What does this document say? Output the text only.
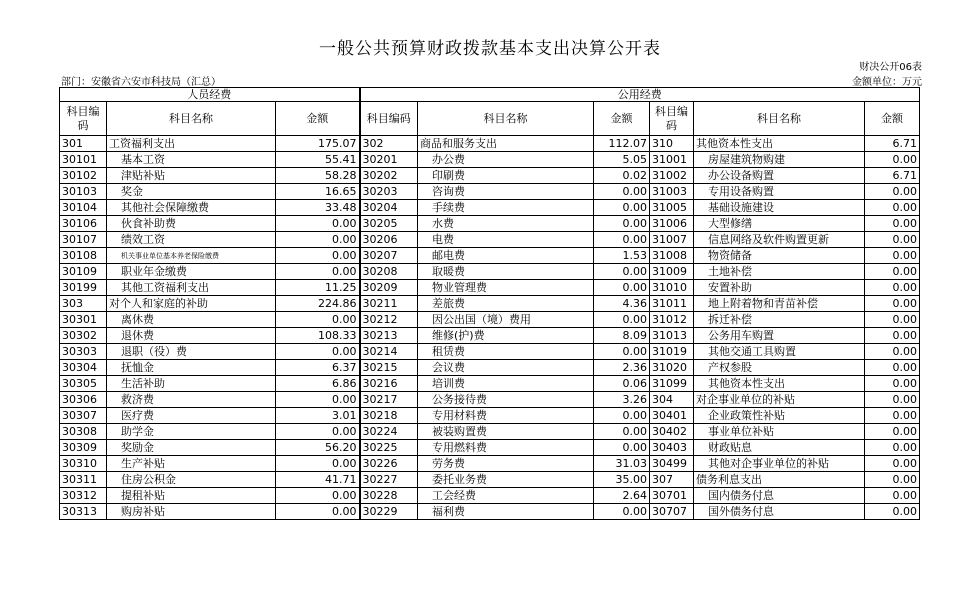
一般公共预算财政拨款基本支出决算公开表
财决公开06表
部门：安徽省六安市科技局（汇总）	金额单位：万元
人员经费			公用经费					
科目编码	科目名称	金额	科目编码	科目名称	金额	科目编码	科目名称	金额
301	工资福利支出	175.07	302	商品和服务支出	112.07	310	其他资本性支出	6.71
30101	基本工资	55.41	30201	办公费	5.05	31001	房屋建筑物购建	0.00
30102	津贴补贴	58.28	30202	印刷费	0.02	31002	办公设备购置	6.71
30103	奖金	16.65	30203	咨询费	0.00	31003	专用设备购置	0.00
30104	其他社会保障缴费	33.48	30204	手续费	0.00	31005	基础设施建设	0.00
30106	伙食补助费	0.00	30205	水费	0.00	31006	大型修缮	0.00
30107	绩效工资	0.00	30206	电费	0.00	31007	信息网络及软件购置更新	0.00
30108	机关事业单位基本养老保险缴费	0.00	30207	邮电费	1.53	31008	物资储备	0.00
30109	职业年金缴费	0.00	30208	取暖费	0.00	31009	土地补偿	0.00
30199	其他工资福利支出	11.25	30209	物业管理费	0.00	31010	安置补助	0.00
303	对个人和家庭的补助	224.86	30211	差旅费	4.36	31011	地上附着物和青苗补偿	0.00
30301	离休费	0.00	30212	因公出国（境）费用	0.00	31012	拆迁补偿	0.00
30302	退休费	108.33	30213	维修(护)费	8.09	31013	公务用车购置	0.00
30303	退职（役）费	0.00	30214	租赁费	0.00	31019	其他交通工具购置	0.00
30304	抚恤金	6.37	30215	会议费	2.36	31020	产权参股	0.00
30305	生活补助	6.86	30216	培训费	0.06	31099	其他资本性支出	0.00
30306	救济费	0.00	30217	公务接待费	3.26	304	对企事业单位的补贴	0.00
30307	医疗费	3.01	30218	专用材料费	0.00	30401	企业政策性补贴	0.00
30308	助学金	0.00	30224	被装购置费	0.00	30402	事业单位补贴	0.00
30309	奖励金	56.20	30225	专用燃料费	0.00	30403	财政贴息	0.00
30310	生产补贴	0.00	30226	劳务费	31.03	30499	其他对企事业单位的补贴	0.00
30311	住房公积金	41.71	30227	委托业务费	35.00	307	债务利息支出	0.00
30312	提租补贴	0.00	30228	工会经费	2.64	30701	国内债务付息	0.00
30313	购房补贴	0.00	30229	福利费	0.00	30707	国外债务付息	0.00
